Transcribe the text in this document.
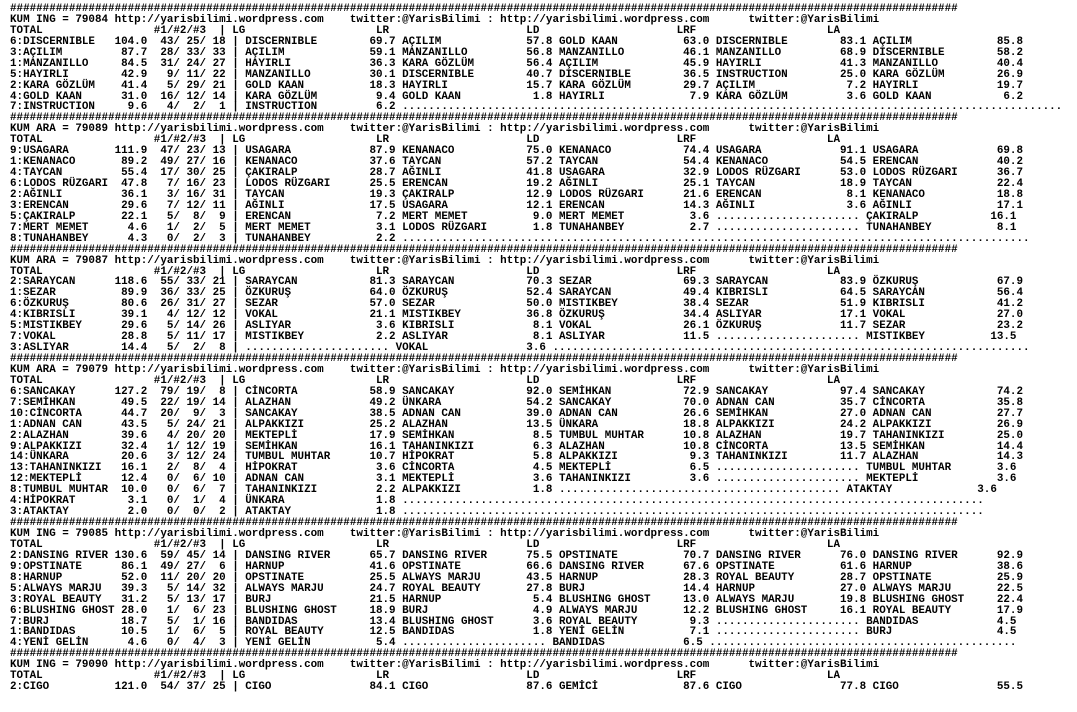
#################################################################################################################################################
KUM ING = 79084 http://yarisbilimi.wordpress.com    twitter:@YarisBilimi : http://yarisbilimi.wordpress.com      twitter:@YarisBilimi
TOTAL                 #1/#2/#3  | LG                    LR                     LD                     LRF                    LA
6:DISCERNIBLE   104.0  43/ 25/ 18 | DISCERNIBLE        69.7 AÇILIM             57.8 GOLD KAAN          63.0 DISCERNIBLE        83.1 AÇILIM             85.8
3:AÇILIM         87.7  28/ 33/ 33 | AÇILIM             59.1 MANZANILLO         56.8 MANZANILLO         46.1 MANZANILLO         68.9 DISCERNIBLE        58.2
1:MANZANILLO     84.5  31/ 24/ 27 | HAYIRLI            36.3 KARA GÖZLÜM        56.4 AÇILIM             45.9 HAYIRLI            41.3 MANZANILLO         40.4
5:HAYIRLI        42.9   9/ 11/ 22 | MANZANILLO         30.1 DISCERNIBLE        40.7 DISCERNIBLE        36.5 INSTRUCTION        25.0 KARA GÖZLÜM        26.9
2:KARA GÖZLÜM    41.4   5/ 29/ 21 | GOLD KAAN          18.3 HAYIRLI            15.7 KARA GÖZLÜM        29.7 AÇILIM              7.2 HAYIRLI            19.7
4:GOLD KAAN      31.0  16/ 12/ 14 | KARA GÖZLÜM         9.4 GOLD KAAN           1.8 HAYIRLI             7.9 KARA GÖZLÜM         3.6 GOLD KAAN           6.2
7:INSTRUCTION     9.6   4/  2/  1 | INSTRUCTION         6.2 .....................................................................................................
#################################################################################################################################################
KUM ARA = 79089 http://yarisbilimi.wordpress.com    twitter:@YarisBilimi : http://yarisbilimi.wordpress.com      twitter:@YarisBilimi
TOTAL                 #1/#2/#3  | LG                    LR                     LD                     LRF                    LA
9:USAGARA       111.9  47/ 23/ 13 | USAGARA            87.9 KENANACO           75.0 KENANACO           74.4 USAGARA            91.1 USAGARA            69.8
1:KENANACO       89.2  49/ 27/ 16 | KENANACO           37.6 TAYCAN             57.2 TAYCAN             54.4 KENANACO           54.5 ERENCAN            40.2
4:TAYCAN         55.4  17/ 30/ 25 | ÇAKIRALP           28.7 AĞINLI             41.8 USAGARA            32.9 LODOS RÜZGARI      53.0 LODOS RÜZGARI      36.7
6:LODOS RÜZGARI  47.8   7/ 16/ 23 | LODOS RÜZGARI      25.5 ERENCAN            19.2 AĞINLI             25.1 TAYCAN             18.9 TAYCAN             22.4
2:AĞINLI         36.1   3/ 16/ 31 | TAYCAN             19.3 ÇAKIRALP           12.9 LODOS RÜZGARI      21.6 ERENCAN             8.1 KENANACO           18.8
3:ERENCAN        29.6   7/ 12/ 11 | AĞINLI             17.5 USAGARA            12.1 ERENCAN            14.3 AĞINLI              3.6 AĞINLI             17.1
5:ÇAKIRALP       22.1   5/  8/  9 | ERENCAN             7.2 MERT MEMET          9.0 MERT MEMET          3.6 ...................... ÇAKIRALP           16.1
7:MERT MEMET      4.6   1/  2/  5 | MERT MEMET          3.1 LODOS RÜZGARI       1.8 TUNAHANBEY          2.7 ...................... TUNAHANBEY          8.1
8:TUNAHANBEY      4.3   0/  2/  3 | TUNAHANBEY          2.2 ................................................................................................
#################################################################################################################################################
KUM ARA = 79087 http://yarisbilimi.wordpress.com    twitter:@YarisBilimi : http://yarisbilimi.wordpress.com      twitter:@YarisBilimi
TOTAL                 #1/#2/#3  | LG                    LR                     LD                     LRF                    LA
2:SARAYCAN      118.6  55/ 33/ 21 | SARAYCAN           81.3 SARAYCAN           70.3 SEZAR              69.3 SARAYCAN           83.9 ÖZKURUŞ            67.9
1:SEZAR          89.9  36/ 33/ 25 | ÖZKURUŞ            64.0 ÖZKURUŞ            52.4 SARAYCAN           49.4 KIBRISLI           64.5 SARAYCAN           56.4
6:ÖZKURUŞ        80.6  26/ 31/ 27 | SEZAR              57.0 SEZAR              50.0 MISTIKBEY          38.4 SEZAR              51.9 KIBRISLI           41.2
4:KIBRISLI       39.1   4/ 12/ 12 | VOKAL              21.1 MISTIKBEY          36.8 ÖZKURUŞ            34.4 ASLIYAR            17.1 VOKAL              27.0
5:MISTIKBEY      29.6   5/ 14/ 26 | ASLIYAR             3.6 KIBRISLI            8.1 VOKAL              26.1 ÖZKURUŞ            11.7 SEZAR              23.2
7:VOKAL          28.8   5/ 11/ 17 | MISTIKBEY           2.2 ASLIYAR             8.1 ASLIYAR            11.5 ...................... MISTIKBEY          13.5
3:ASLIYAR        14.4   5/  2/  8 | ...................... VOKAL               3.6 .........................................................................
#################################################################################################################################################
KUM ARA = 79079 http://yarisbilimi.wordpress.com    twitter:@YarisBilimi : http://yarisbilimi.wordpress.com      twitter:@YarisBilimi
TOTAL                 #1/#2/#3  | LG                    LR                     LD                     LRF                    LA
6:SANCAKAY      127.2  79/ 19/  8 | CİNCORTA           58.9 SANCAKAY           92.0 SEMİHKAN           72.9 SANCAKAY           97.4 SANCAKAY           74.2
7:SEMİHKAN       49.5  22/ 19/ 14 | ALAZHAN            49.2 ÜNKARA             54.2 SANCAKAY           70.0 ADNAN CAN          35.7 CİNCORTA           35.8
10:CİNCORTA      44.7  20/  9/  3 | SANCAKAY           38.5 ADNAN CAN          39.0 ADNAN CAN          26.6 SEMİHKAN           27.0 ADNAN CAN          27.7
1:ADNAN CAN      43.5   5/ 24/ 21 | ALPAKKIZI          25.2 ALAZHAN            13.5 ÜNKARA             18.8 ALPAKKIZI          24.2 ALPAKKIZI          26.9
2:ALAZHAN        39.6   4/ 20/ 20 | MEKTEPLİ           17.9 SEMİHKAN            8.5 TUMBUL MUHTAR      10.8 ALAZHAN            19.7 TAHANINKIZI        25.0
9:ALPAKKIZI      32.4   1/ 12/ 19 | SEMİHKAN           16.1 TAHANINKIZI         6.3 ALAZHAN            10.8 CİNCORTA           13.5 SEMİHKAN           14.4
14:ÜNKARA        20.6   3/ 12/ 24 | TUMBUL MUHTAR      10.7 HİPOKRAT            5.8 ALPAKKIZI           9.3 TAHANINKIZI        11.7 ALAZHAN            14.3
13:TAHANINKIZI   16.1   2/  8/  4 | HİPOKRAT            3.6 CİNCORTA            4.5 MEKTEPLİ            6.5 ...................... TUMBUL MUHTAR       3.6
12:MEKTEPLİ      12.4   0/  6/ 10 | ADNAN CAN           3.1 MEKTEPLİ            3.6 TAHANINKIZI         3.6 ...................... MEKTEPLİ            3.6
8:TUMBUL MUHTAR  10.0   0/  6/  7 | TAHANINKIZI         2.2 ALPAKKIZI           1.8 ........................................... ATAKTAY             3.6
4:HİPOKRAT        3.1   0/  1/  4 | ÜNKARA              1.8 .........................................................................................
3:ATAKTAY         2.0   0/  0/  2 | ATAKTAY             1.8 .........................................................................................
#################################################################################################################################################
KUM ING = 79085 http://yarisbilimi.wordpress.com    twitter:@YarisBilimi : http://yarisbilimi.wordpress.com      twitter:@YarisBilimi
TOTAL                 #1/#2/#3  | LG                    LR                     LD                     LRF                    LA
2:DANSING RIVER 130.6  59/ 45/ 14 | DANSING RIVER      65.7 DANSING RIVER      75.5 OPSTINATE          70.7 DANSING RIVER      76.0 DANSING RIVER      92.9
9:OPSTINATE      86.1  49/ 27/  6 | HARNUP             41.6 OPSTINATE          66.6 DANSING RIVER      67.6 OPSTINATE          61.6 HARNUP             38.6
8:HARNUP         52.0  11/ 20/ 20 | OPSTINATE          25.5 ALWAYS MARJU       43.5 HARNUP             28.3 ROYAL BEAUTY       28.7 OPSTINATE          25.9
5:ALWAYS MARJU   39.3   5/ 14/ 32 | ALWAYS MARJU       24.7 ROYAL BEAUTY       27.8 BURJ               14.4 HARNUP             27.0 ALWAYS MARJU       22.5
3:ROYAL BEAUTY   31.2   5/ 13/ 17 | BURJ               21.5 HARNUP              5.4 BLUSHING GHOST     13.0 ALWAYS MARJU       19.8 BLUSHING GHOST     22.4
6:BLUSHING GHOST 28.0   1/  6/ 23 | BLUSHING GHOST     18.9 BURJ                4.9 ALWAYS MARJU       12.2 BLUSHING GHOST     16.1 ROYAL BEAUTY       17.9
7:BURJ           18.7   5/  1/ 16 | BANDIDAS           13.4 BLUSHING GHOST      3.6 ROYAL BEAUTY        9.3 ...................... BANDIDAS            4.5
1:BANDIDAS       10.5   1/  6/  5 | ROYAL BEAUTY       12.5 BANDIDAS            1.8 YENİ GELİN          7.1 ...................... BURJ                4.5
4:YENİ GELİN      4.6   0/  4/  3 | YENİ GELİN          5.4 ...................... BANDIDAS            6.5 ...............................................
#################################################################################################################################################
KUM ING = 79090 http://yarisbilimi.wordpress.com    twitter:@YarisBilimi : http://yarisbilimi.wordpress.com      twitter:@YarisBilimi
TOTAL                 #1/#2/#3  | LG                    LR                     LD                     LRF                    LA
2:CIGO          121.0  54/ 37/ 25 | CIGO               84.1 CIGO               87.6 GEMİCİ             87.6 CIGO               77.8 CIGO               55.5
